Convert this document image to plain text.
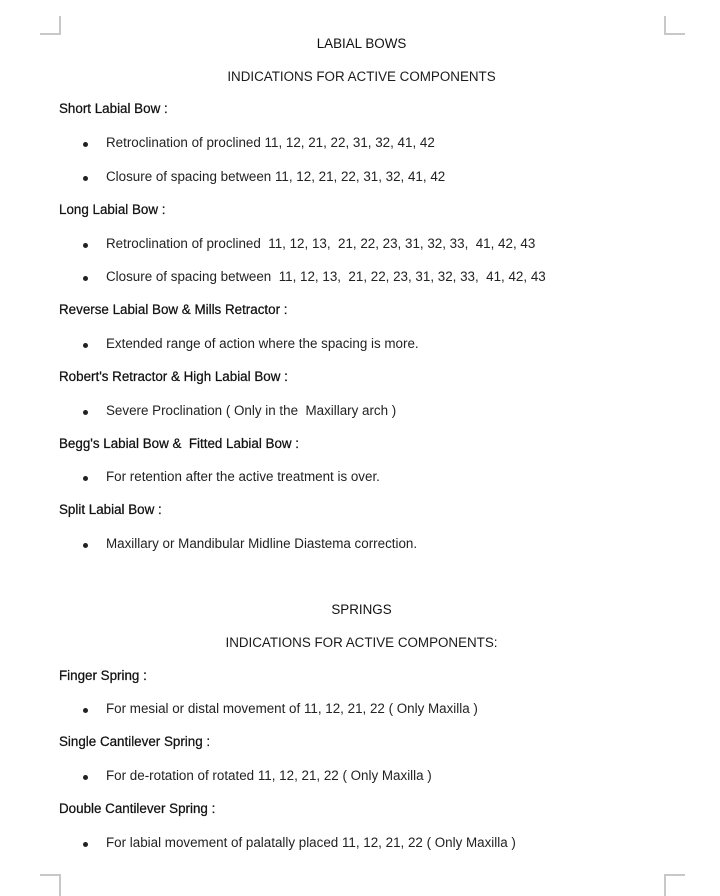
LABIAL BOWS
INDICATIONS FOR ACTIVE COMPONENTS
Short Labial Bow :
Retroclination of proclined 11, 12, 21, 22, 31, 32, 41, 42
Closure of spacing between 11, 12, 21, 22, 31, 32, 41, 42
Long Labial Bow :
Retroclination of proclined  11, 12, 13,  21, 22, 23, 31, 32, 33,  41, 42, 43
Closure of spacing between  11, 12, 13,  21, 22, 23, 31, 32, 33,  41, 42, 43
Reverse Labial Bow & Mills Retractor :
Extended range of action where the spacing is more.
Robert's Retractor & High Labial Bow :
Severe Proclination ( Only in the  Maxillary arch )
Begg's Labial Bow &  Fitted Labial Bow :
For retention after the active treatment is over.
Split Labial Bow :
Maxillary or Mandibular Midline Diastema correction.
SPRINGS
INDICATIONS FOR ACTIVE COMPONENTS:
Finger Spring :
For mesial or distal movement of 11, 12, 21, 22 ( Only Maxilla )
Single Cantilever Spring :
For de-rotation of rotated 11, 12, 21, 22 ( Only Maxilla )
Double Cantilever Spring :
For labial movement of palatally placed 11, 12, 21, 22 ( Only Maxilla )
